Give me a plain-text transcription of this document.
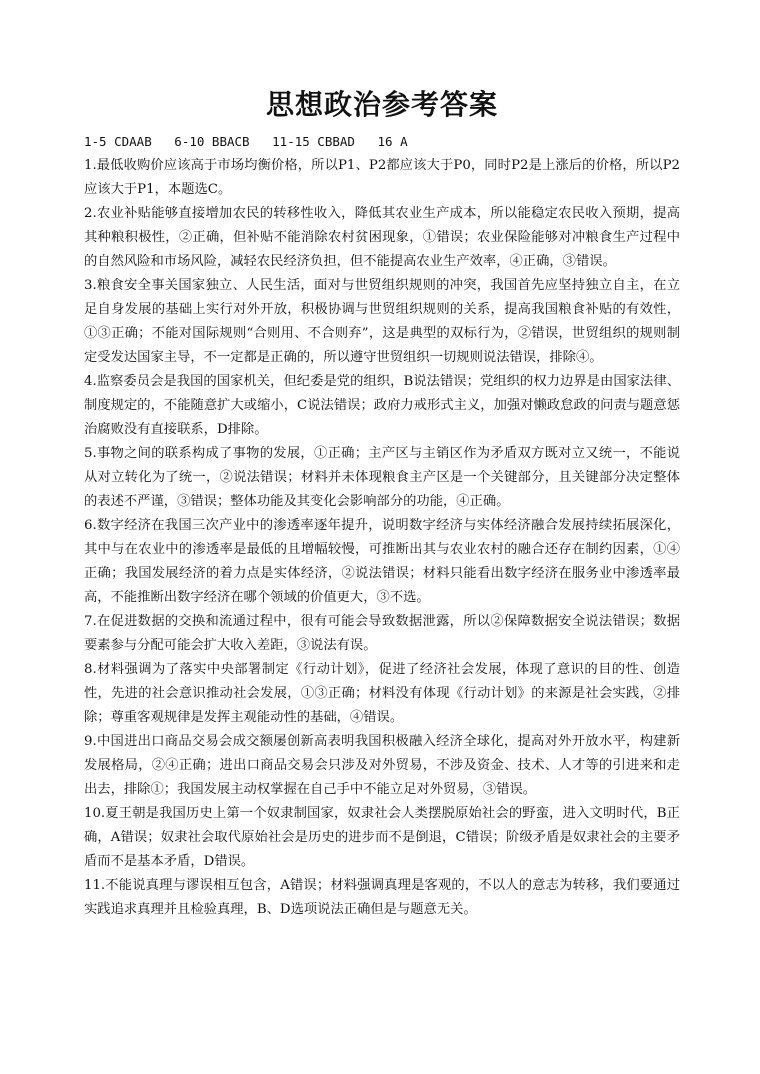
思想政治参考答案
1-5 CDAAB   6-10 BBACB   11-15 CBBAD   16 A

1.最低收购价应该高于市场均衡价格，所以P1、P2都应该大于P0，同时P2是上涨后的价格，所以P2应该大于P1，本题选C。

2.农业补贴能够直接增加农民的转移性收入，降低其农业生产成本，所以能稳定农民收入预期，提高其种粮积极性，②正确，但补贴不能消除农村贫困现象，①错误；农业保险能够对冲粮食生产过程中的自然风险和市场风险，减轻农民经济负担，但不能提高农业生产效率，④正确，③错误。

3.粮食安全事关国家独立、人民生活，面对与世贸组织规则的冲突，我国首先应坚持独立自主，在立足自身发展的基础上实行对外开放，积极协调与世贸组织规则的关系，提高我国粮食补贴的有效性，①③正确；不能对国际规则“合则用、不合则弃”，这是典型的双标行为，②错误，世贸组织的规则制定受发达国家主导，不一定都是正确的，所以遵守世贸组织一切规则说法错误，排除④。

4.监察委员会是我国的国家机关，但纪委是党的组织，B说法错误；党组织的权力边界是由国家法律、制度规定的，不能随意扩大或缩小，C说法错误；政府力戒形式主义，加强对懒政怠政的问责与题意惩治腐败没有直接联系，D排除。

5.事物之间的联系构成了事物的发展，①正确；主产区与主销区作为矛盾双方既对立又统一，不能说从对立转化为了统一，②说法错误；材料并未体现粮食主产区是一个关键部分，且关键部分决定整体的表述不严谨，③错误；整体功能及其变化会影响部分的功能，④正确。

6.数字经济在我国三次产业中的渗透率逐年提升，说明数字经济与实体经济融合发展持续拓展深化，其中与在农业中的渗透率是最低的且增幅较慢，可推断出其与农业农村的融合还存在制约因素，①④正确；我国发展经济的着力点是实体经济，②说法错误；材料只能看出数字经济在服务业中渗透率最高，不能推断出数字经济在哪个领域的价值更大，③不选。

7.在促进数据的交换和流通过程中，很有可能会导致数据泄露，所以②保障数据安全说法错误；数据要素参与分配可能会扩大收入差距，③说法有误。

8.材料强调为了落实中央部署制定《行动计划》，促进了经济社会发展，体现了意识的目的性、创造性，先进的社会意识推动社会发展，①③正确；材料没有体现《行动计划》的来源是社会实践，②排除；尊重客观规律是发挥主观能动性的基础，④错误。

9.中国进出口商品交易会成交额屡创新高表明我国积极融入经济全球化，提高对外开放水平，构建新发展格局，②④正确；进出口商品交易会只涉及对外贸易，不涉及资金、技术、人才等的引进来和走出去，排除①；我国发展主动权掌握在自己手中不能立足对外贸易，③错误。

10.夏王朝是我国历史上第一个奴隶制国家，奴隶社会人类摆脱原始社会的野蛮，进入文明时代，B正确，A错误；奴隶社会取代原始社会是历史的进步而不是倒退，C错误；阶级矛盾是奴隶社会的主要矛盾而不是基本矛盾，D错误。

11.不能说真理与谬误相互包含，A错误；材料强调真理是客观的，不以人的意志为转移，我们要通过实践追求真理并且检验真理，B、D选项说法正确但是与题意无关。
